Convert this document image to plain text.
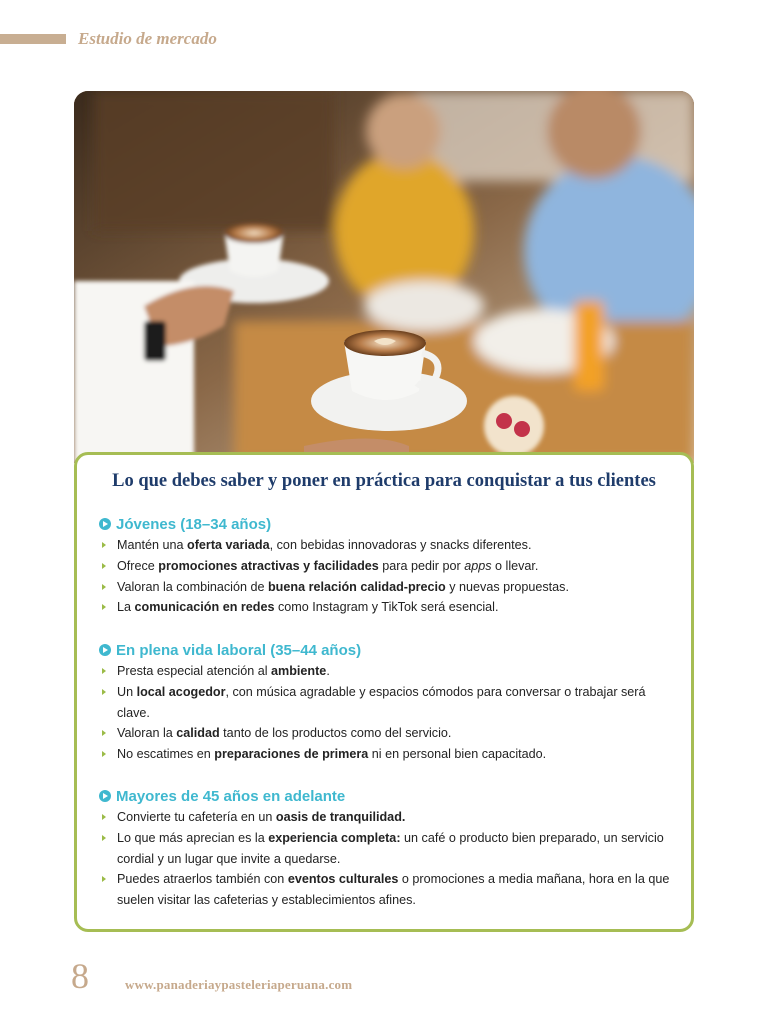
Estudio de mercado
Lo que debes saber y poner en práctica para conquistar a tus clientes
Jóvenes (18–34 años)
Mantén una oferta variada, con bebidas innovadoras y snacks diferentes.
Ofrece promociones atractivas y facilidades para pedir por apps o llevar.
Valoran la combinación de buena relación calidad-precio y nuevas propuestas.
La comunicación en redes como Instagram y TikTok será esencial.
En plena vida laboral (35–44 años)
Presta especial atención al ambiente.
Un local acogedor, con música agradable y espacios cómodos para conversar o trabajar será clave.
Valoran la calidad tanto de los productos como del servicio.
No escatimes en preparaciones de primera ni en personal bien capacitado.
Mayores de 45 años en adelante
Convierte tu cafetería en un oasis de tranquilidad.
Lo que más aprecian es la experiencia completa: un café o producto bien preparado, un servicio cordial y un lugar que invite a quedarse.
Puedes atraerlos también con eventos culturales o promociones a media mañana, hora en la que suelen visitar las cafeterias y establecimientos afines.
8	www.panaderiaypasteleriaperuana.com
